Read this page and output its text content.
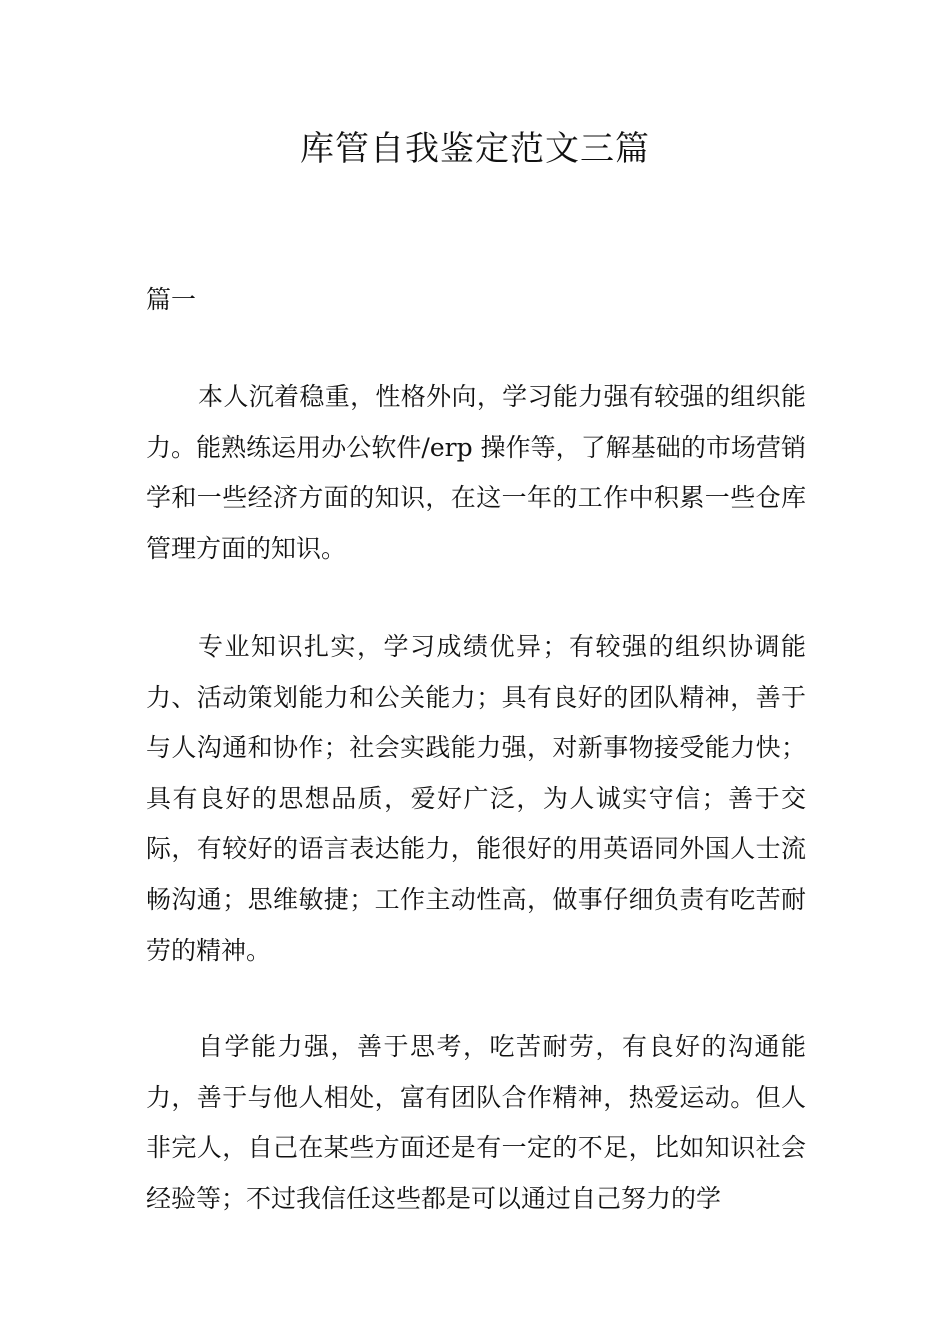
库管自我鉴定范文三篇
篇一

本人沉着稳重，性格外向，学习能力强有较强的组织能力。能熟练运用办公软件/erp 操作等，了解基础的市场营销学和一些经济方面的知识，在这一年的工作中积累一些仓库管理方面的知识。

专业知识扎实，学习成绩优异；有较强的组织协调能力、活动策划能力和公关能力；具有良好的团队精神，善于与人沟通和协作；社会实践能力强，对新事物接受能力快；具有良好的思想品质，爱好广泛，为人诚实守信；善于交际，有较好的语言表达能力，能很好的用英语同外国人士流畅沟通；思维敏捷；工作主动性高，做事仔细负责有吃苦耐劳的精神。

自学能力强，善于思考，吃苦耐劳，有良好的沟通能力，善于与他人相处，富有团队合作精神，热爱运动。但人非完人，自己在某些方面还是有一定的不足，比如知识社会经验等；不过我信任这些都是可以通过自己努力的学
